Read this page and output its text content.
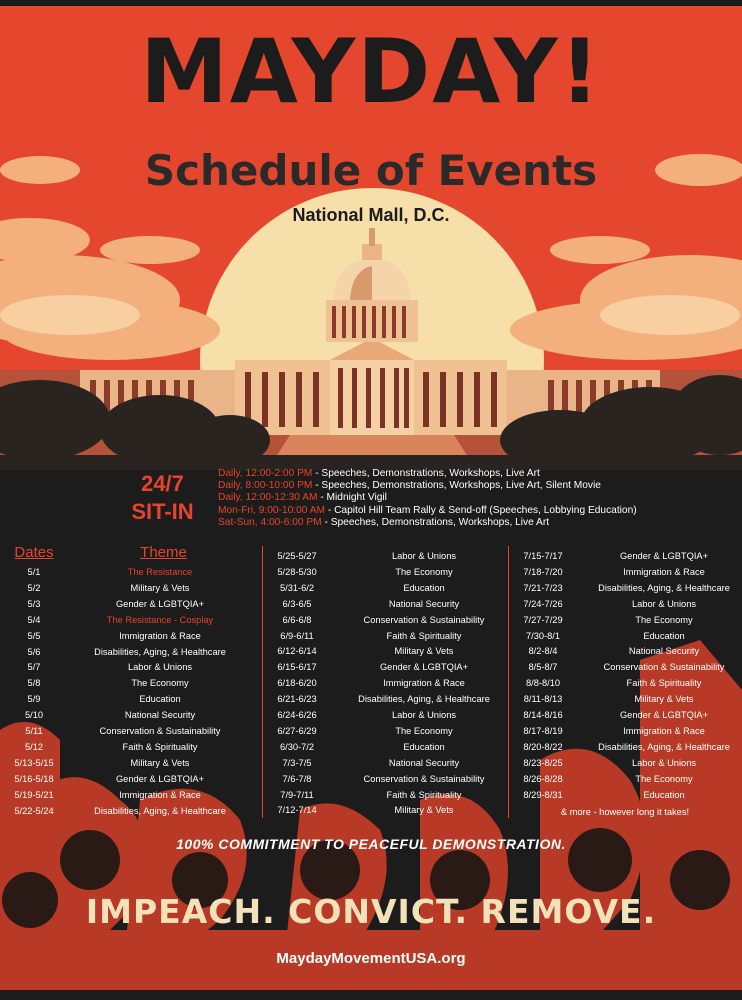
MAYDAY!
Schedule of Events
National Mall, D.C.
24/7
SIT-IN
Daily, 12:00-2:00 PM - Speeches, Demonstrations, Workshops, Live Art
Daily, 8:00-10:00 PM - Speeches, Demonstrations, Workshops, Live Art, Silent Movie
Daily, 12:00-12:30 AM - Midnight Vigil
Mon-Fri, 9:00-10:00 AM - Capitol Hill Team Rally & Send-off (Speeches, Lobbying Education)
Sat-Sun, 4:00-6:00 PM - Speeches, Demonstrations, Workshops, Live Art
Dates	Theme
5/1	The Resistance
5/2	Military & Vets
5/3	Gender & LGBTQIA+
5/4	The Resistance - Cosplay
5/5	Immigration & Race
5/6	Disabilities, Aging, & Healthcare
5/7	Labor & Unions
5/8	The Economy
5/9	Education
5/10	National Security
5/11	Conservation & Sustainability
5/12	Faith & Spirituality
5/13-5/15	Military & Vets
5/16-5/18	Gender & LGBTQIA+
5/19-5/21	Immigration & Race
5/22-5/24	Disabilities, Aging, & Healthcare
5/25-5/27	Labor & Unions
5/28-5/30	The Economy
5/31-6/2	Education
6/3-6/5	National Security
6/6-6/8	Conservation & Sustainability
6/9-6/11	Faith & Spirituality
6/12-6/14	Military & Vets
6/15-6/17	Gender & LGBTQIA+
6/18-6/20	Immigration & Race
6/21-6/23	Disabilities, Aging, & Healthcare
6/24-6/26	Labor & Unions
6/27-6/29	The Economy
6/30-7/2	Education
7/3-7/5	National Security
7/6-7/8	Conservation & Sustainability
7/9-7/11	Faith & Spirituality
7/12-7/14	Military & Vets
7/15-7/17	Gender & LGBTQIA+
7/18-7/20	Immigration & Race
7/21-7/23	Disabilities, Aging, & Healthcare
7/24-7/26	Labor & Unions
7/27-7/29	The Economy
7/30-8/1	Education
8/2-8/4	National Security
8/5-8/7	Conservation & Sustainability
8/8-8/10	Faith & Spirituality
8/11-8/13	Military & Vets
8/14-8/16	Gender & LGBTQIA+
8/17-8/19	Immigration & Race
8/20-8/22	Disabilities, Aging, & Healthcare
8/23-8/25	Labor & Unions
8/26-8/28	The Economy
8/29-8/31	Education
& more - however long it takes!
100% COMMITMENT TO PEACEFUL DEMONSTRATION.
IMPEACH. CONVICT. REMOVE.
MaydayMovementUSA.org
